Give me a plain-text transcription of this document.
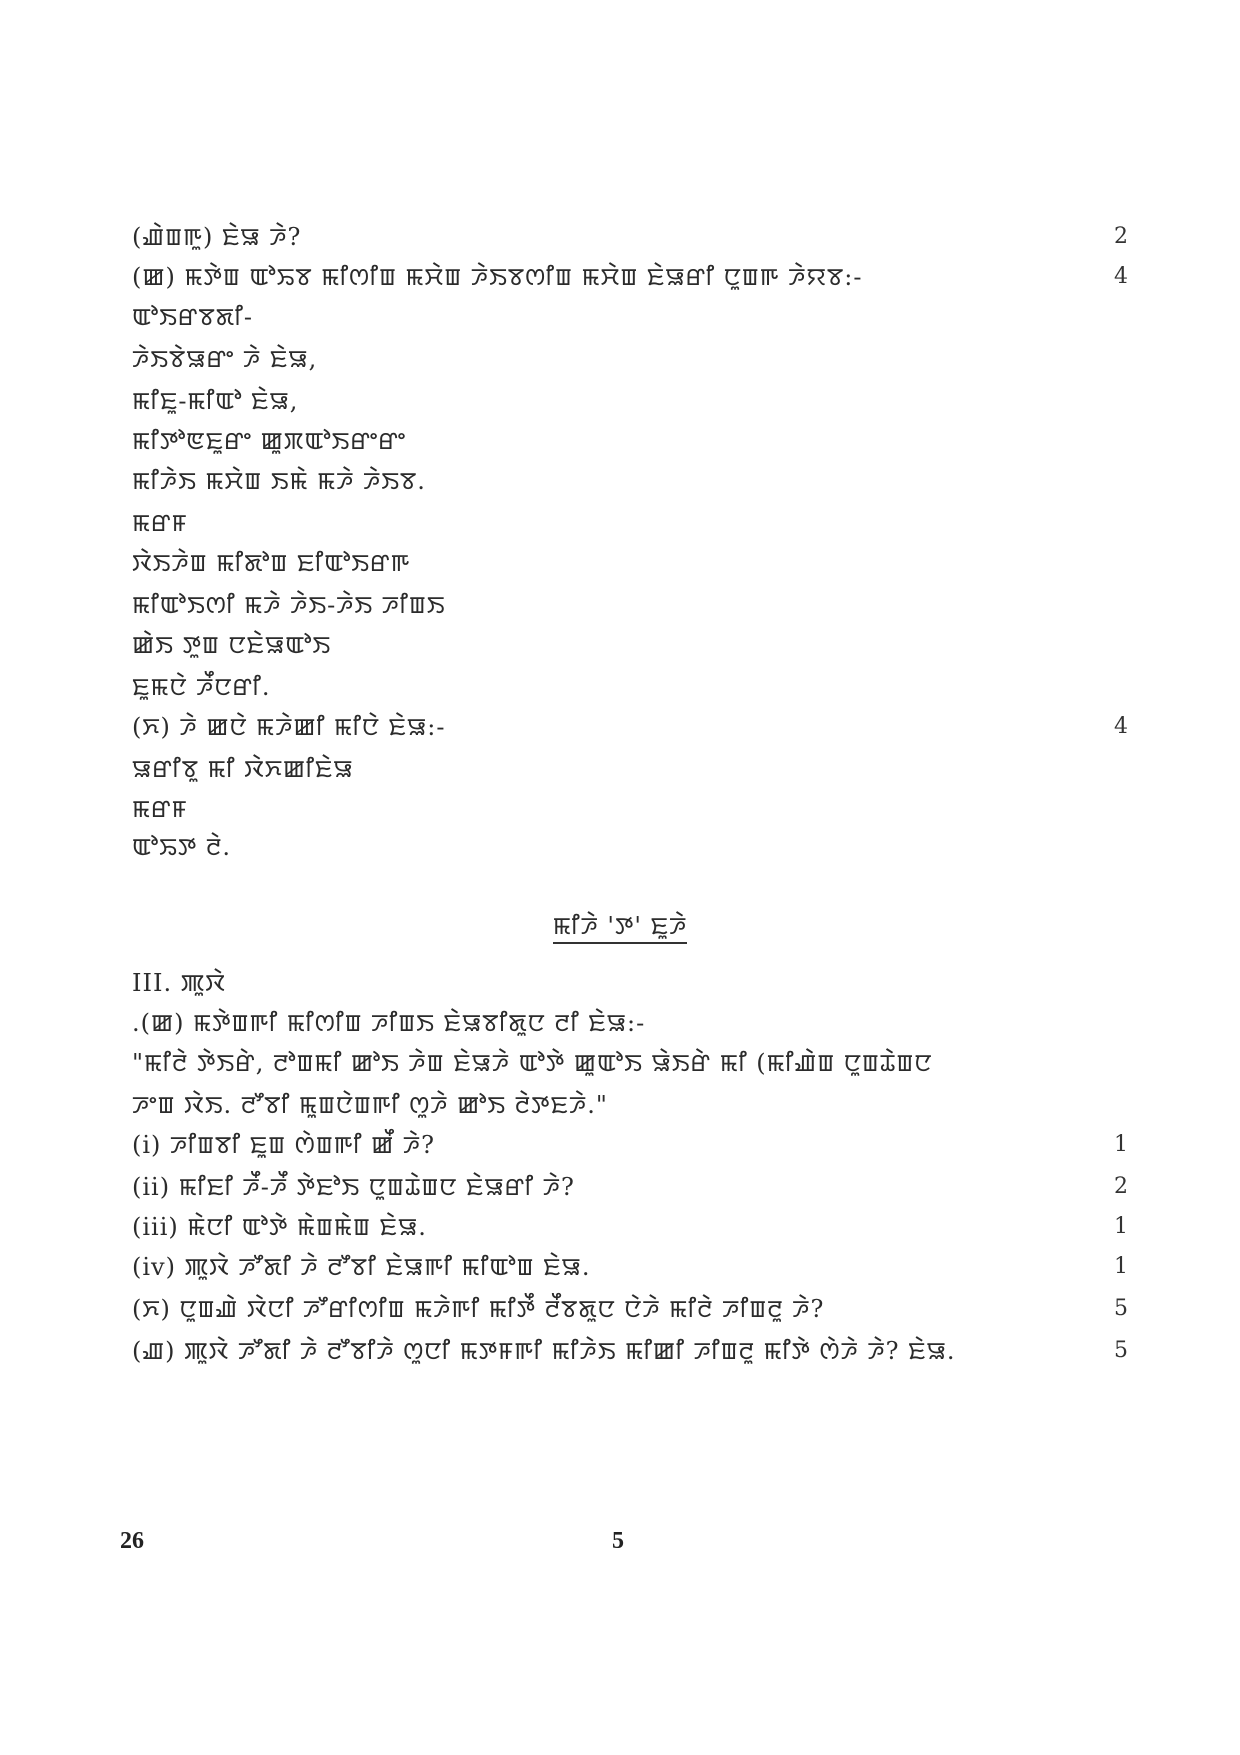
(ꯉꯥꯡꯒꯨ) ꯐꯥꯎ ꯍꯥ?	2
(ꯀ) ꯃꯇꯥꯡ ꯑꯣꯢꯕ ꯃꯤꯁꯤꯡ ꯃꯆꯥꯡ ꯍꯥꯏꯕꯁꯤꯡ ꯃꯆꯥꯡ ꯐꯥꯎꯔꯤ ꯅꯨꯡꯒ ꯍꯥꯌꯕ:-	4
ꯑꯣꯏꯔꯕꯗꯤ-
ꯍꯥꯏꯕꯥꯎꯔꯦ ꯍꯥ ꯐꯥꯎ,
ꯃꯤꯐꯨ-ꯃꯤꯑꯣ ꯐꯥꯎ,
ꯃꯤꯇꯣꯟꯐꯨꯔꯦ ꯀꯨꯞꯑꯣꯏꯔꯦꯔꯦ
ꯃꯤꯍꯥꯏ ꯃꯆꯥꯡ ꯏꯃꯥ ꯃꯍꯥ ꯍꯥꯏꯕ.
ꯃꯔꯝ
ꯋꯥꯏꯍꯥꯡ ꯃꯤꯗꯣꯡ ꯐꯤꯑꯣꯏꯔꯒ
ꯃꯤꯑꯣꯏꯁꯤ ꯃꯍꯥ ꯍꯥꯏ-ꯍꯥꯏ ꯍꯤꯡꯏ
ꯀꯥꯏ ꯇꯨꯡ ꯅꯐꯥꯎꯑꯣꯏ
ꯐꯨꯃꯅꯥ ꯍꯩꯅꯔꯤ.
(ꯈ) ꯍꯥ ꯀꯅꯥ ꯃꯍꯥꯀꯤ ꯃꯤꯅꯥ ꯐꯥꯎ:-	4
ꯎꯔꯤꯕꯨ ꯃꯤ ꯋꯥꯈꯀꯤꯐꯥꯎ
ꯃꯔꯝ
ꯑꯣꯢꯇ ꯂꯥ.
III. ꯄꯨꯋꯥ
.(ꯀ) ꯃꯇꯥꯡꯒꯤ ꯃꯤꯁꯤꯡ ꯍꯤꯡꯏ ꯐꯥꯎꯕꯤꯗꯨꯅ ꯂꯤ ꯐꯥꯎ:-
"ꯃꯤꯂꯥ ꯇꯥꯏꯔꯥ, ꯂꯣꯡꯃꯤ ꯀꯣꯏ ꯍꯥꯡ ꯐꯥꯎꯍꯥ ꯑꯣꯇꯥ ꯀꯨꯑꯣꯏ ꯎꯥꯏꯔꯥ ꯃꯤ (ꯃꯤꯉꯥꯡ ꯅꯨꯡꯊꯥꯡꯅ
ꯍꯦꯡ ꯋꯥꯏ. ꯂꯧꯕꯤ ꯃꯨꯡꯅꯥꯡꯒꯤ ꯁꯨꯍꯥ ꯀꯣꯏ ꯂꯥꯇꯐꯍꯥ."
(i) ꯍꯤꯡꯕꯤ ꯐꯨꯡ ꯁꯥꯡꯒꯤ ꯀꯩ ꯍꯥ?	1
(ii) ꯃꯤꯐꯤ ꯍꯩ-ꯍꯩ ꯇꯥꯐꯣꯏ ꯅꯨꯡꯊꯥꯡꯅ ꯐꯥꯎꯔꯤ ꯍꯥ?	2
(iii) ꯃꯥꯅꯤ ꯑꯣꯇꯥ ꯃꯥꯡꯃꯥꯡ ꯐꯥꯎ.	1
(iv) ꯄꯨꯋꯥ ꯍꯧꯗꯤ ꯍꯥ ꯂꯧꯕꯤ ꯐꯥꯎꯒꯤ ꯃꯤꯑꯣꯡ ꯐꯥꯎ.	1
(ꯈ) ꯅꯨꯡꯉꯥ ꯋꯥꯅꯤ ꯍꯧꯔꯤꯁꯤꯡ ꯃꯍꯥꯒꯤ ꯃꯤꯇꯩ ꯂꯩꯕꯗꯨꯅ ꯅꯥꯍꯥ ꯃꯤꯂꯥ ꯍꯤꯡꯂꯨ ꯍꯥ?	5
(ꯉ) ꯄꯨꯋꯥ ꯍꯧꯗꯤ ꯍꯥ ꯂꯧꯕꯤꯍꯥ ꯁꯨꯅꯤ ꯃꯇꯝꯒꯤ ꯃꯤꯍꯥꯏ ꯃꯤꯀꯤ ꯍꯤꯡꯂꯨ ꯃꯤꯇꯥ ꯁꯥꯍꯥ ꯍꯥ? ꯐꯥꯎ.	5
ꯃꯤꯍꯥ 'ꯇ' ꯐꯨꯍꯥ
26	5
